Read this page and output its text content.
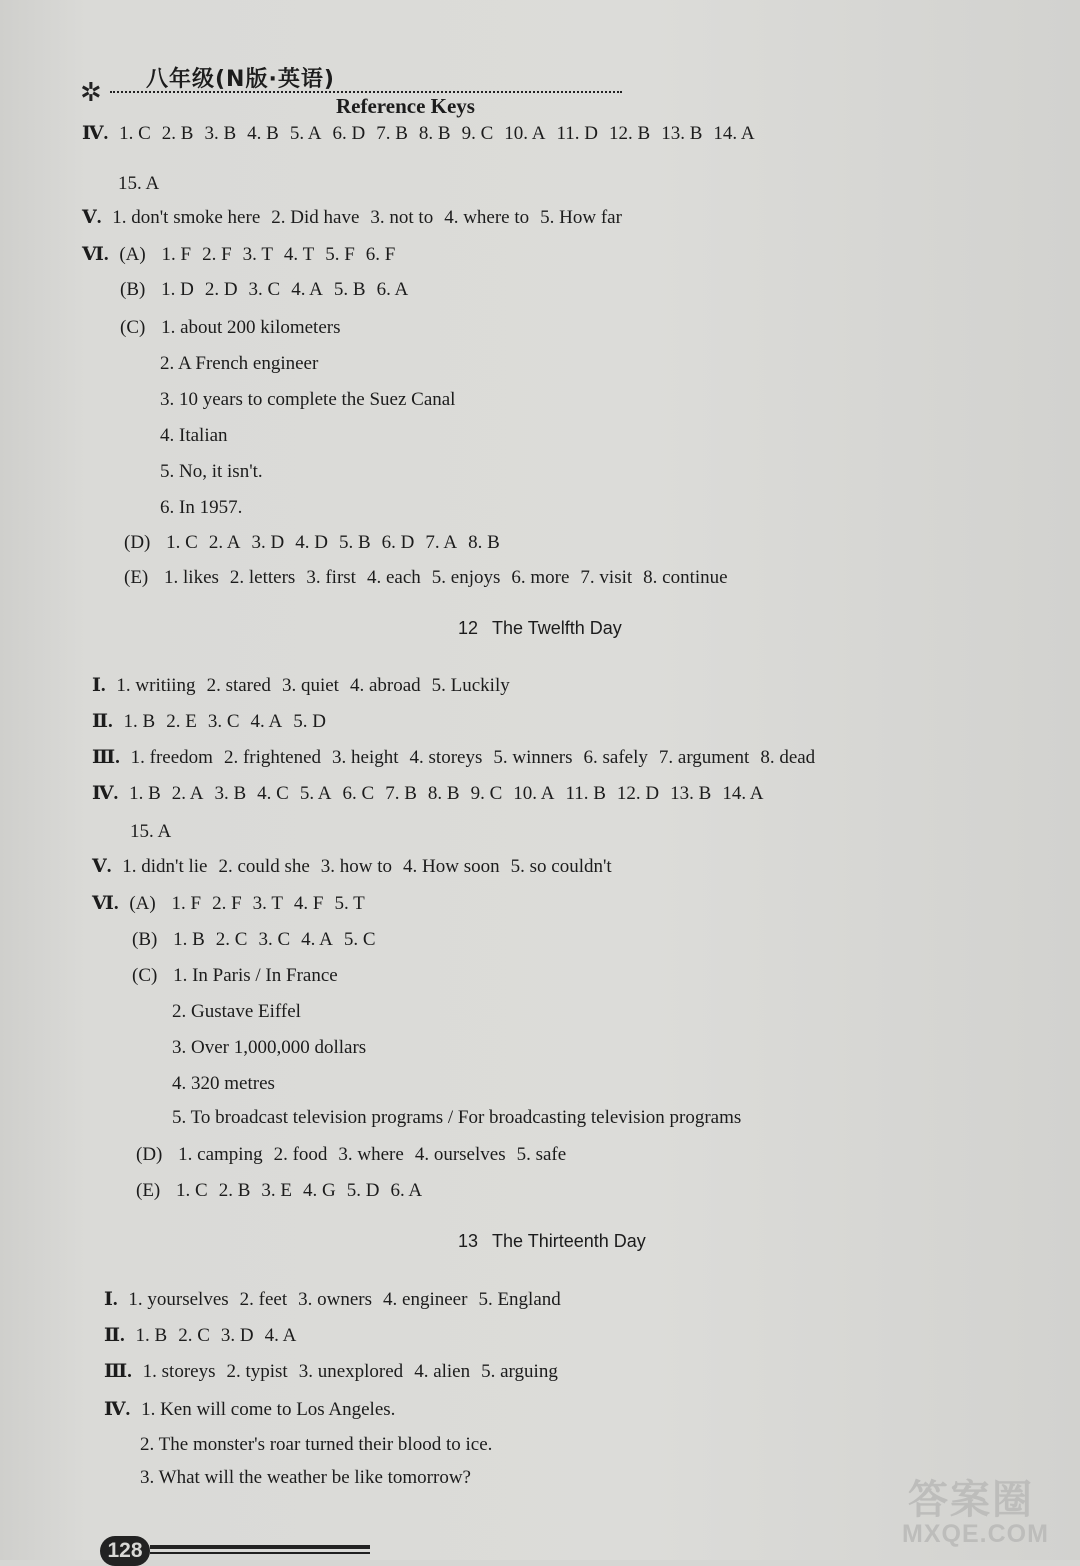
✲ 八年级(N版·英语)
Reference Keys
Ⅳ. 1. C 2. B 3. B 4. B 5. A 6. D 7. B 8. B 9. C 10. A 11. D 12. B 13. B 14. A
15. A
Ⅴ. 1. don't smoke here 2. Did have 3. not to 4. where to 5. How far
Ⅵ. (A) 1. F 2. F 3. T 4. T 5. F 6. F
(B) 1. D 2. D 3. C 4. A 5. B 6. A
(C) 1. about 200 kilometers
2. A French engineer
3. 10 years to complete the Suez Canal
4. Italian
5. No, it isn't.
6. In 1957.
(D) 1. C 2. A 3. D 4. D 5. B 6. D 7. A 8. B
(E) 1. likes 2. letters 3. first 4. each 5. enjoys 6. more 7. visit 8. continue
12 The Twelfth Day
Ⅰ. 1. writiing 2. stared 3. quiet 4. abroad 5. Luckily
Ⅱ. 1. B 2. E 3. C 4. A 5. D
Ⅲ. 1. freedom 2. frightened 3. height 4. storeys 5. winners 6. safely 7. argument 8. dead
Ⅳ. 1. B 2. A 3. B 4. C 5. A 6. C 7. B 8. B 9. C 10. A 11. B 12. D 13. B 14. A
15. A
Ⅴ. 1. didn't lie 2. could she 3. how to 4. How soon 5. so couldn't
Ⅵ. (A) 1. F 2. F 3. T 4. F 5. T
(B) 1. B 2. C 3. C 4. A 5. C
(C) 1. In Paris / In France
2. Gustave Eiffel
3. Over 1,000,000 dollars
4. 320 metres
5. To broadcast television programs / For broadcasting television programs
(D) 1. camping 2. food 3. where 4. ourselves 5. safe
(E) 1. C 2. B 3. E 4. G 5. D 6. A
13 The Thirteenth Day
Ⅰ. 1. yourselves 2. feet 3. owners 4. engineer 5. England
Ⅱ. 1. B 2. C 3. D 4. A
Ⅲ. 1. storeys 2. typist 3. unexplored 4. alien 5. arguing
Ⅳ. 1. Ken will come to Los Angeles.
2. The monster's roar turned their blood to ice.
3. What will the weather be like tomorrow?
128
答案圈
MXQE.COM
